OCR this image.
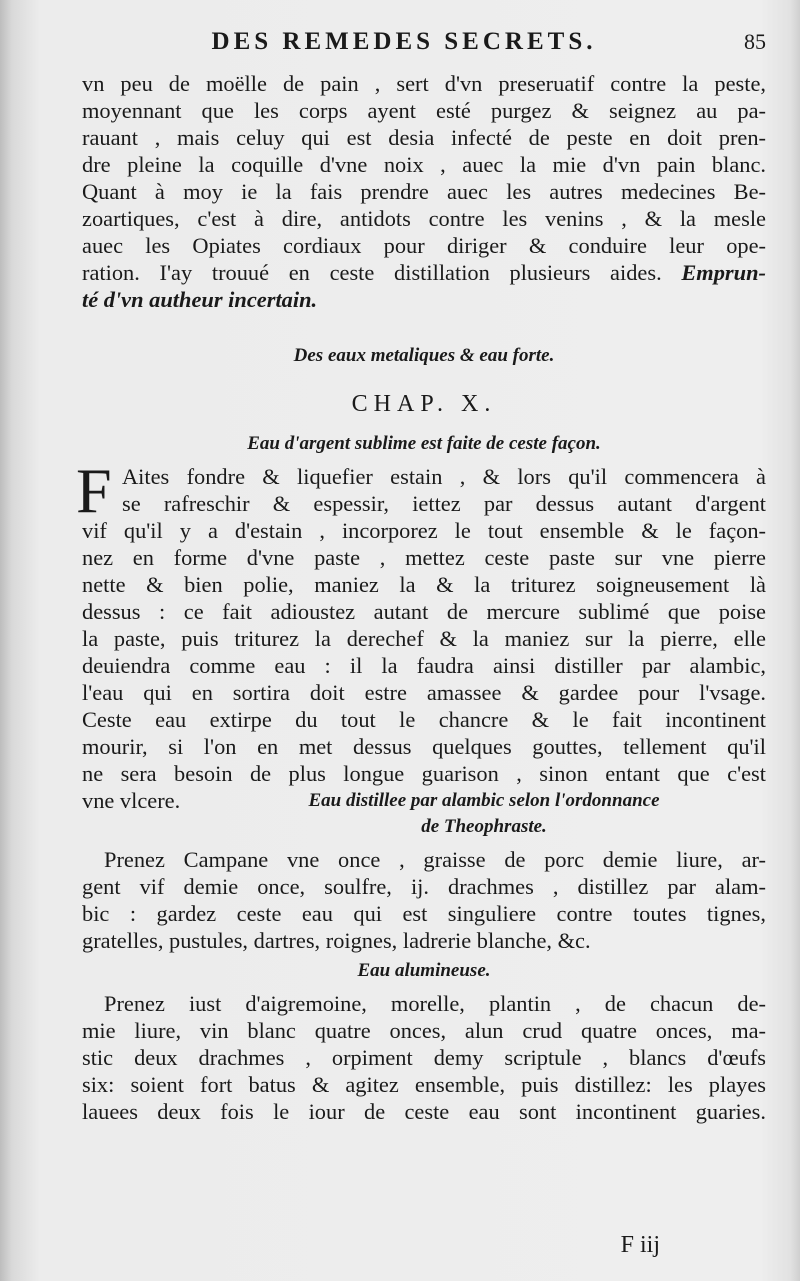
DES REMEDES SECRETS.	85
vn peu de moëlle de pain , sert d'vn preseruatif contre la peste,
moyennant que les corps ayent esté purgez & seignez au pa-
rauant , mais celuy qui est desia infecté de peste en doit pren-
dre pleine la coquille d'vne noix , auec la mie d'vn pain blanc.
Quant à moy ie la fais prendre auec les autres medecines Be-
zoartiques, c'est à dire, antidots contre les venins , & la mesle
auec les Opiates cordiaux pour diriger & conduire leur ope-
ration. I'ay trouué en ceste distillation plusieurs aides. Emprun-
té d'vn autheur incertain.
Des eaux metaliques & eau forte.
CHAP. X.
Eau d'argent sublime est faite de ceste façon.
F Aites fondre & liquefier estain , & lors qu'il commencera à
se rafreschir & espessir, iettez par dessus autant d'argent
vif qu'il y a d'estain , incorporez le tout ensemble & le façon-
nez en forme d'vne paste , mettez ceste paste sur vne pierre
nette & bien polie, maniez la & la triturez soigneusement là
dessus : ce fait adioustez autant de mercure sublimé que poise
la paste, puis triturez la derechef & la maniez sur la pierre, elle
deuiendra comme eau : il la faudra ainsi distiller par alambic,
l'eau qui en sortira doit estre amassee & gardee pour l'vsage.
Ceste eau extirpe du tout le chancre & le fait incontinent
mourir, si l'on en met dessus quelques gouttes, tellement qu'il
ne sera besoin de plus longue guarison , sinon entant que c'est
vne vlcere.	Eau distillee par alambic selon l'ordonnance
de Theophraste.
Prenez Campane vne once , graisse de porc demie liure, ar-
gent vif demie once, soulfre, ij. drachmes , distillez par alam-
bic : gardez ceste eau qui est singuliere contre toutes tignes,
gratelles, pustules, dartres, roignes, ladrerie blanche, &c.
Eau alumineuse.
Prenez iust d'aigremoine, morelle, plantin , de chacun de-
mie liure, vin blanc quatre onces, alun crud quatre onces, ma-
stic deux drachmes , orpiment demy scriptule , blancs d'œufs
six: soient fort batus & agitez ensemble, puis distillez: les playes
lauees deux fois le iour de ceste eau sont incontinent guaries.
F iij
